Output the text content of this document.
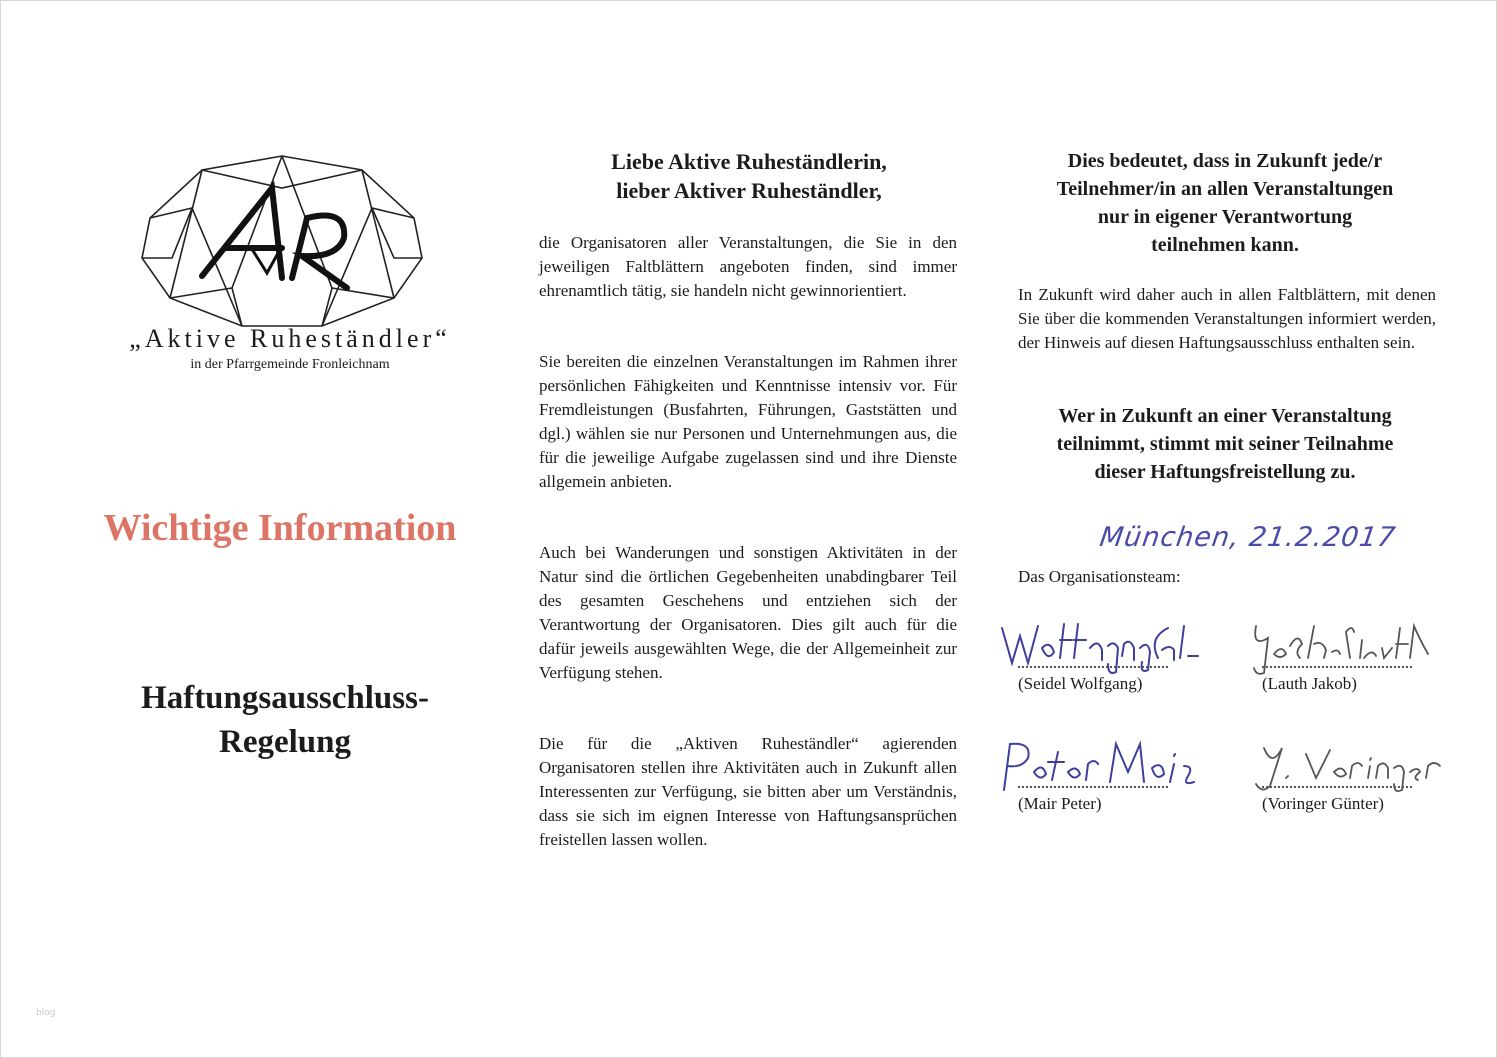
„Aktive Ruheständler“
in der Pfarrgemeinde Fronleichnam
Wichtige Information
Haftungsausschluss-
Regelung
Liebe Aktive Ruheständlerin,
lieber Aktiver Ruheständler,

die Organisatoren aller Veranstaltungen, die Sie in den jeweiligen Faltblättern angeboten finden, sind immer ehrenamtlich tätig, sie handeln nicht gewinnorientiert.

Sie bereiten die einzelnen Veranstaltungen im Rahmen ihrer persönlichen Fähigkeiten und Kenntnisse intensiv vor. Für Fremdleistungen (Busfahrten, Führungen, Gaststätten und dgl.) wählen sie nur Personen und Unternehmungen aus, die für die jeweilige Aufgabe zugelassen sind und ihre Dienste allgemein anbieten.

Auch bei Wanderungen und sonstigen Aktivitäten in der Natur sind die örtlichen Gegebenheiten unabdingbarer Teil des gesamten Geschehens und entziehen sich der Verantwortung der Organisatoren. Dies gilt auch für die dafür jeweils ausgewählten Wege, die der Allgemeinheit zur Verfügung stehen.

Die für die „Aktiven Ruheständler“ agierenden Organisatoren stellen ihre Aktivitäten auch in Zukunft allen Interessenten zur Verfügung, sie bitten aber um Verständnis, dass sie sich im eignen Interesse von Haftungsansprüchen freistellen lassen wollen.

Dies bedeutet, dass in Zukunft jede/r
Teilnehmer/in an allen Veranstaltungen
nur in eigener Verantwortung
teilnehmen kann.

In Zukunft wird daher auch in allen Faltblättern, mit denen Sie über die kommenden Veranstaltungen informiert werden, der Hinweis auf diesen Haftungsausschluss enthalten sein.

Wer in Zukunft an einer Veranstaltung
teilnimmt, stimmt mit seiner Teilnahme
dieser Haftungsfreistellung zu.
München, 21.2.2017
Das Organisationsteam:
(Seidel Wolfgang)	(Lauth Jakob)
(Mair Peter)	(Voringer Günter)
blog
